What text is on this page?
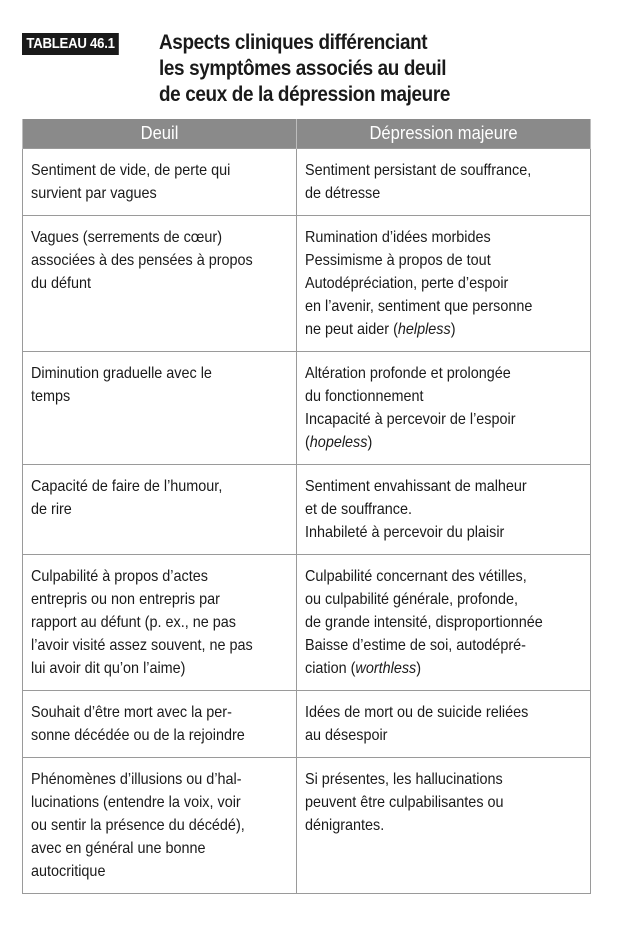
TABLEAU 46.1 Aspects cliniques différenciant
les symptômes associés au deuil
de ceux de la dépression majeure
Deuil	Dépression majeure

Sentiment de vide, de perte qui
survient par vagues	Sentiment persistant de souffrance,
de détresse

Vagues (serrements de cœur)
associées à des pensées à propos
du défunt	Rumination d’idées morbides
Pessimisme à propos de tout
Autodépréciation, perte d’espoir
en l’avenir, sentiment que personne
ne peut aider (helpless)

Diminution graduelle avec le
temps	Altération profonde et prolongée
du fonctionnement
Incapacité à percevoir de l’espoir
(hopeless)

Capacité de faire de l’humour,
de rire	Sentiment envahissant de malheur
et de souffrance.
Inhabileté à percevoir du plaisir

Culpabilité à propos d’actes
entrepris ou non entrepris par
rapport au défunt (p. ex., ne pas
l’avoir visité assez souvent, ne pas
lui avoir dit qu’on l’aime)	Culpabilité concernant des vétilles,
ou culpabilité générale, profonde,
de grande intensité, disproportionnée
Baisse d’estime de soi, autodépré-
ciation (worthless)

Souhait d’être mort avec la per-
sonne décédée ou de la rejoindre	Idées de mort ou de suicide reliées
au désespoir

Phénomènes d’illusions ou d’hal-
lucinations (entendre la voix, voir
ou sentir la présence du décédé),
avec en général une bonne
autocritique	Si présentes, les hallucinations
peuvent être culpabilisantes ou
dénigrantes.
